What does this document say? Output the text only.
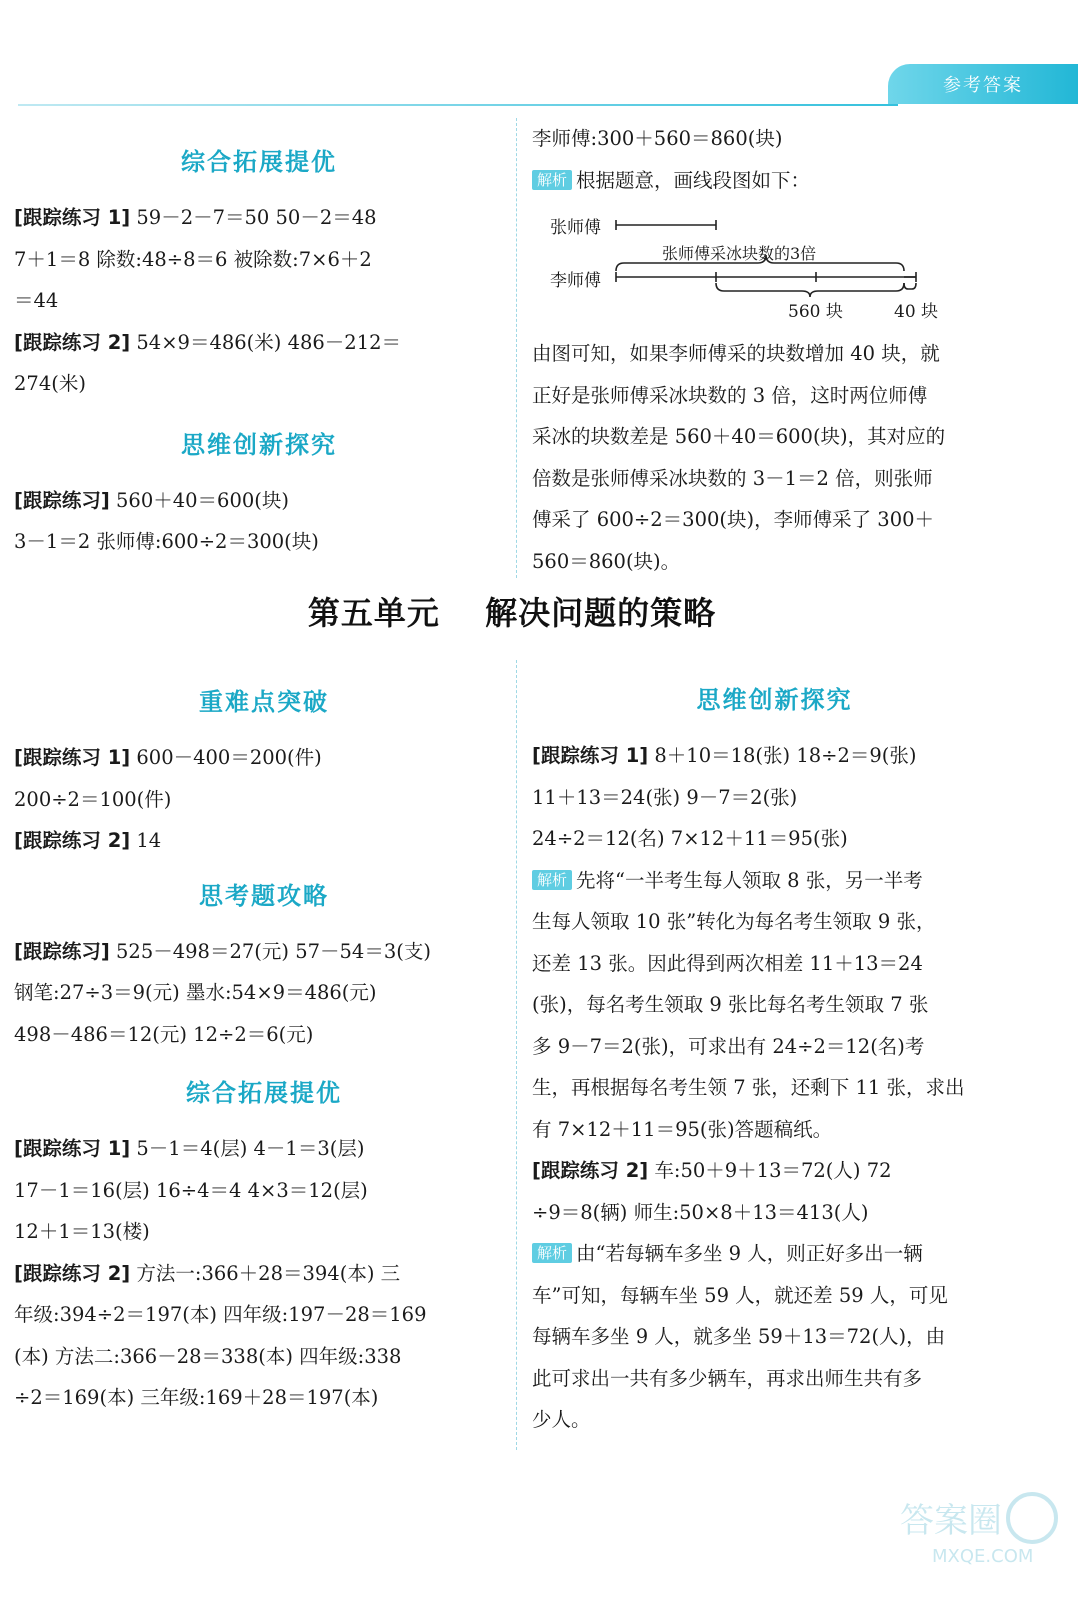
参考答案
综合拓展提优

[跟踪练习 1] 59－2－7＝50 50－2＝48

7＋1＝8 除数:48÷8＝6 被除数:7×6＋2

＝44

[跟踪练习 2] 54×9＝486(米) 486－212＝

274(米)

思维创新探究

[跟踪练习] 560＋40＝600(块)

3－1＝2 张师傅:600÷2＝300(块)

李师傅:300＋560＝860(块)

解析 根据题意，画线段图如下：

张师傅
李师傅
张师傅采冰块数的3倍
560 块	40 块

由图可知，如果李师傅采的块数增加 40 块，就

正好是张师傅采冰块数的 3 倍，这时两位师傅

采冰的块数差是 560＋40＝600(块)，其对应的

倍数是张师傅采冰块数的 3－1＝2 倍，则张师

傅采了 600÷2＝300(块)，李师傅采了 300＋

560＝860(块)。

第五单元　 解决问题的策略
重难点突破

[跟踪练习 1] 600－400＝200(件)

200÷2＝100(件)

[跟踪练习 2] 14

思考题攻略

[跟踪练习] 525－498＝27(元) 57－54＝3(支)

钢笔:27÷3＝9(元) 墨水:54×9＝486(元)

498－486＝12(元) 12÷2＝6(元)

综合拓展提优

[跟踪练习 1] 5－1＝4(层) 4－1＝3(层)

17－1＝16(层) 16÷4＝4 4×3＝12(层)

12＋1＝13(楼)

[跟踪练习 2] 方法一:366＋28＝394(本) 三

年级:394÷2＝197(本) 四年级:197－28＝169

(本) 方法二:366－28＝338(本) 四年级:338

÷2＝169(本) 三年级:169＋28＝197(本)

思维创新探究

[跟踪练习 1] 8＋10＝18(张) 18÷2＝9(张)

11＋13＝24(张) 9－7＝2(张)

24÷2＝12(名) 7×12＋11＝95(张)

解析 先将“一半考生每人领取 8 张，另一半考

生每人领取 10 张”转化为每名考生领取 9 张，

还差 13 张。因此得到两次相差 11＋13＝24

(张)，每名考生领取 9 张比每名考生领取 7 张

多 9－7＝2(张)，可求出有 24÷2＝12(名)考

生，再根据每名考生领 7 张，还剩下 11 张，求出

有 7×12＋11＝95(张)答题稿纸。

[跟踪练习 2] 车:50＋9＋13＝72(人) 72

÷9＝8(辆) 师生:50×8＋13＝413(人)

解析 由“若每辆车多坐 9 人，则正好多出一辆

车”可知，每辆车坐 59 人，就还差 59 人，可见

每辆车多坐 9 人，就多坐 59＋13＝72(人)，由

此可求出一共有多少辆车，再求出师生共有多

少人。

答案圈
MXQE.COM
